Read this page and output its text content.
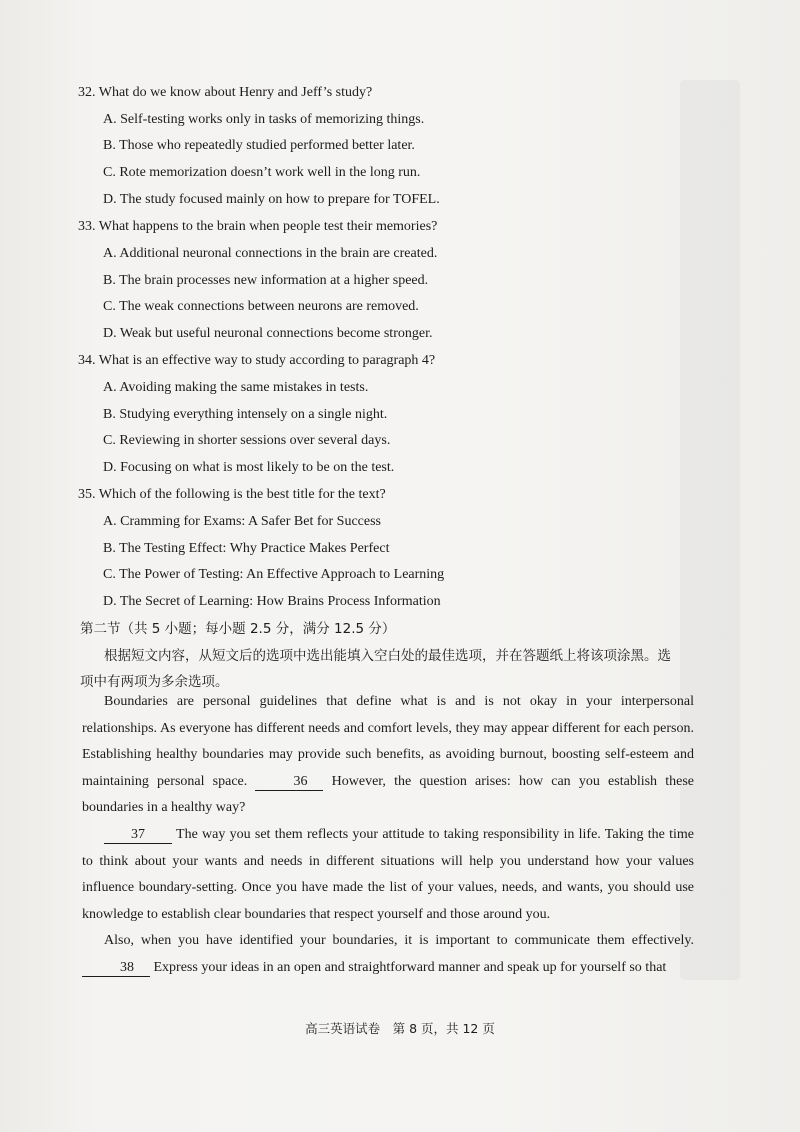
32. What do we know about Henry and Jeff’s study?
A. Self-testing works only in tasks of memorizing things.
B. Those who repeatedly studied performed better later.
C. Rote memorization doesn’t work well in the long run.
D. The study focused mainly on how to prepare for TOFEL.
33. What happens to the brain when people test their memories?
A. Additional neuronal connections in the brain are created.
B. The brain processes new information at a higher speed.
C. The weak connections between neurons are removed.
D. Weak but useful neuronal connections become stronger.
34. What is an effective way to study according to paragraph 4?
A. Avoiding making the same mistakes in tests.
B. Studying everything intensely on a single night.
C. Reviewing in shorter sessions over several days.
D. Focusing on what is most likely to be on the test.
35. Which of the following is the best title for the text?
A. Cramming for Exams: A Safer Bet for Success
B. The Testing Effect: Why Practice Makes Perfect
C. The Power of Testing: An Effective Approach to Learning
D. The Secret of Learning: How Brains Process Information
第二节（共 5 小题；每小题 2.5 分，满分 12.5 分）
根据短文内容，从短文后的选项中选出能填入空白处的最佳选项，并在答题纸上将该项涂黑。选
项中有两项为多余选项。
Boundaries are personal guidelines that define what is and is not okay in your interpersonal relationships. As everyone has different needs and comfort levels, they may appear different for each person. Establishing healthy boundaries may provide such benefits, as avoiding burnout, boosting self-esteem and maintaining personal space.	36 However, the question arises: how can you establish these boundaries in a healthy way?
37 The way you set them reflects your attitude to taking responsibility in life. Taking the time to think about your wants and needs in different situations will help you understand how your values influence boundary-setting. Once you have made the list of your values, needs, and wants, you should use knowledge to establish clear boundaries that respect yourself and those around you.
Also, when you have identified your boundaries, it is important to communicate them effectively. 38 Express your ideas in an open and straightforward manner and speak up for yourself so that
高三英语试卷　第 8 页，共 12 页
